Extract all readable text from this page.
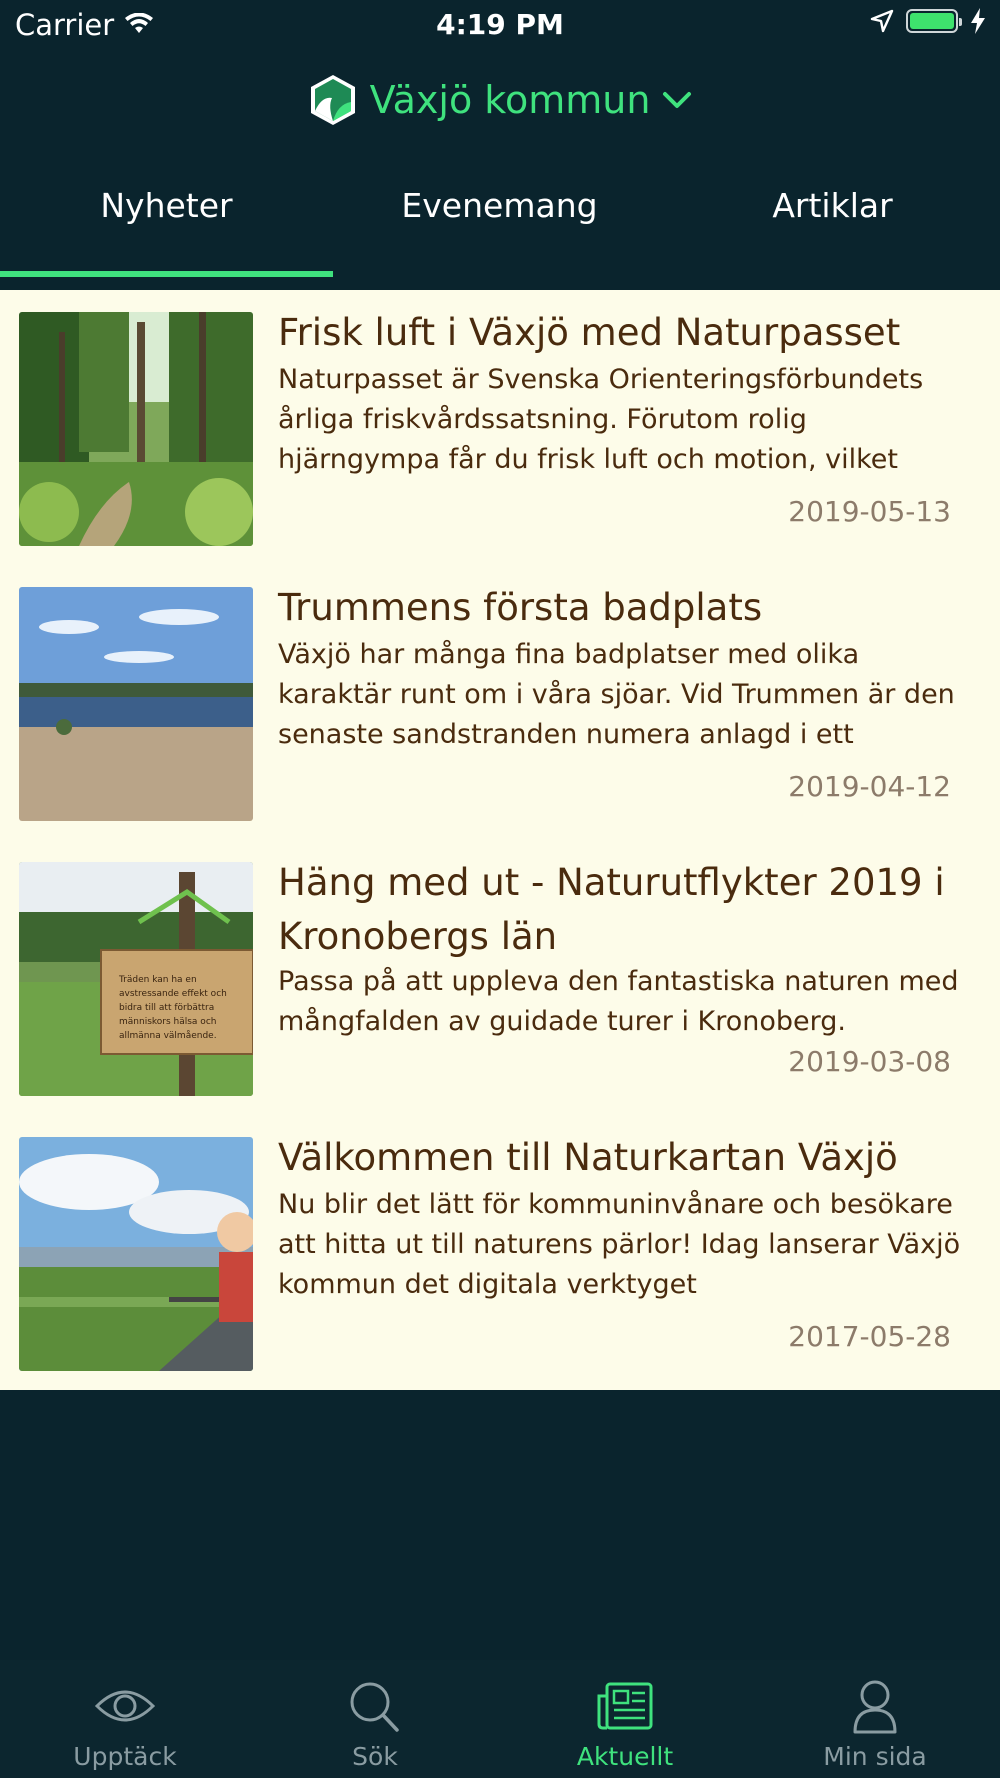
Carrier	4:19 PM
Växjö kommun
Nyheter	Evenemang	Artiklar
Frisk luft i Växjö med Naturpasset
Naturpasset är Svenska Orienteringsförbundets årliga friskvårdssatsning. Förutom rolig hjärngympa får du frisk luft och motion, vilket
2019-05-13
Trummens första badplats
Växjö har många fina badplatser med olika karaktär runt om i våra sjöar. Vid Trummen är den senaste sandstranden numera anlagd i ett
2019-04-12
Träden kan ha en
avstressande effekt och
bidra till att förbättra
människors hälsa och
allmänna välmående.
Häng med ut - Naturutflykter 2019 i Kronobergs län
Passa på att uppleva den fantastiska naturen med mångfalden av guidade turer i Kronoberg.
2019-03-08
Välkommen till Naturkartan Växjö
Nu blir det lätt för kommuninvånare och besökare att hitta ut till naturens pärlor! Idag lanserar Växjö kommun det digitala verktyget
2017-05-28
Upptäck	Sök	Aktuellt	Min sida
